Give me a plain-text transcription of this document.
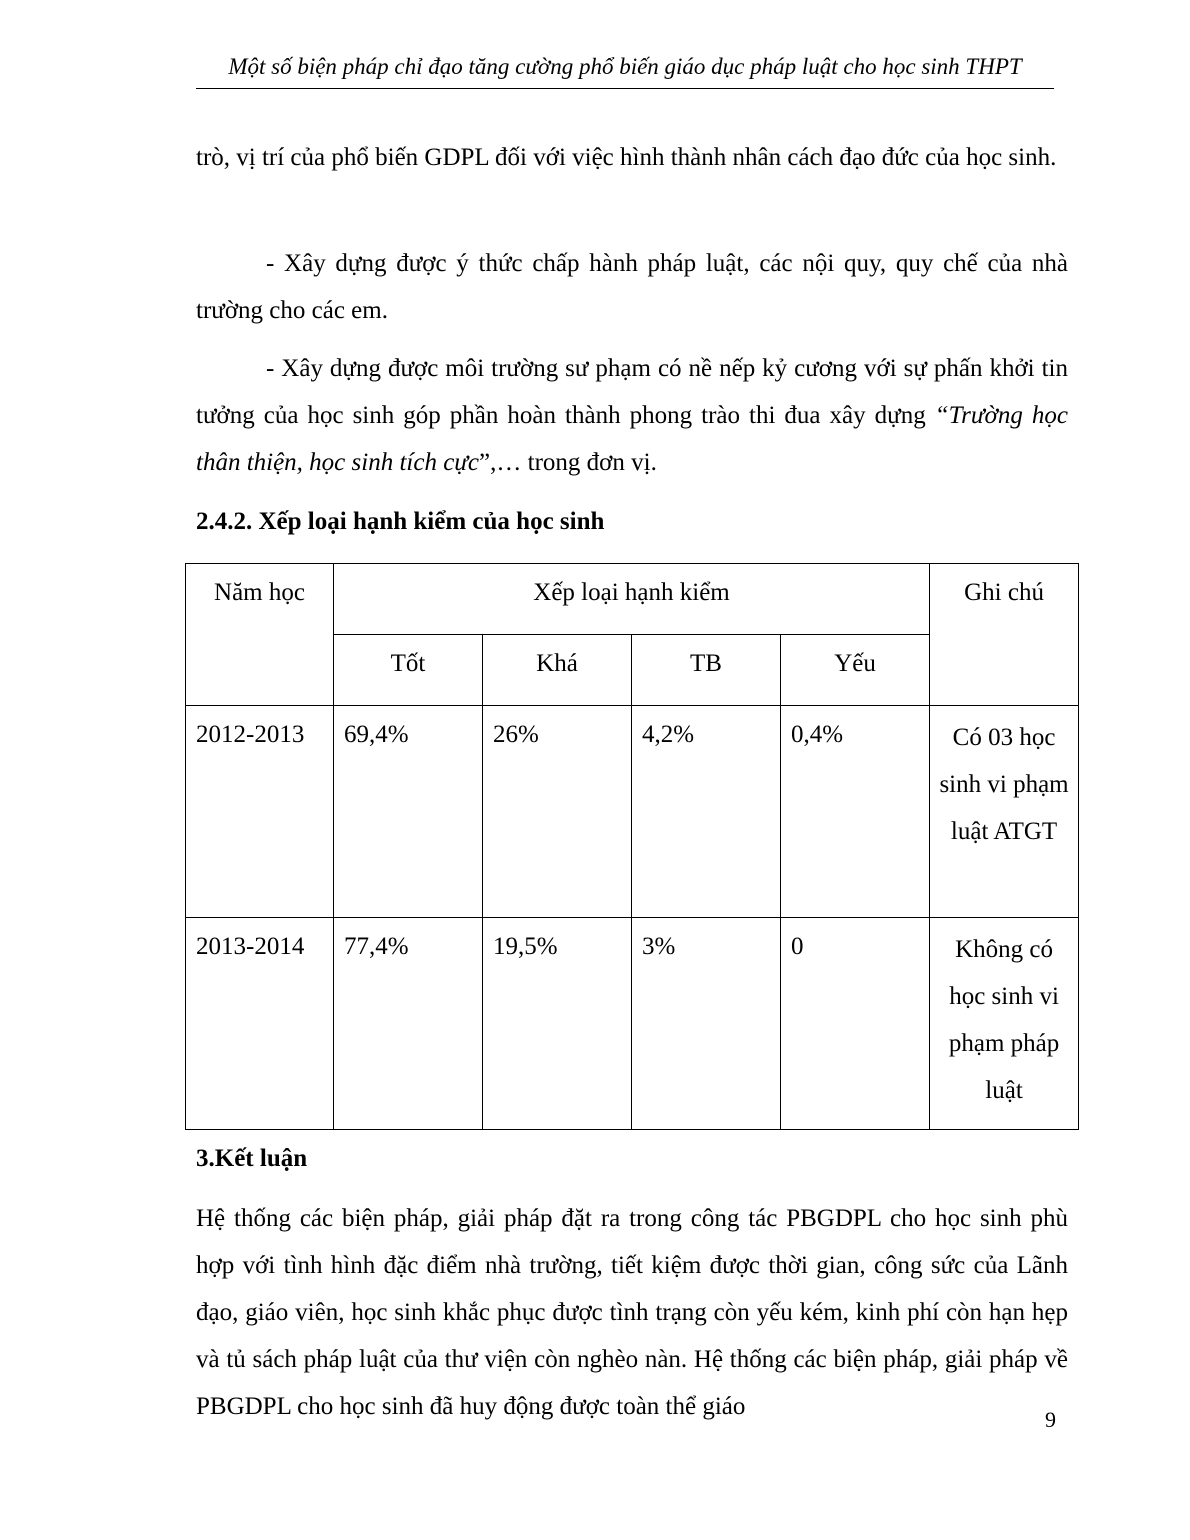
Một số biện pháp chỉ đạo tăng cường phổ biến giáo dục pháp luật cho học sinh THPT

trò, vị trí của phổ biến GDPL đối với việc hình thành nhân cách đạo đức của học sinh.

- Xây dựng được ý thức chấp hành pháp luật, các nội quy, quy chế của nhà trường cho các em.

- Xây dựng được môi trường sư phạm có nề nếp kỷ cương với sự phấn khởi tin tưởng của học sinh góp phần hoàn thành phong trào thi đua xây dựng “Trường học thân thiện, học sinh tích cực”,… trong đơn vị.

2.4.2. Xếp loại hạnh kiểm của học sinh
Năm học	Xếp loại hạnh kiểm				Ghi chú
	Tốt	Khá	TB	Yếu	
2012-2013	69,4%	26%	4,2%	0,4%	Có 03 học sinh vi phạm luật ATGT
2013-2014	77,4%	19,5%	3%	0	Không có học sinh vi phạm pháp luật
3.Kết luận

Hệ thống các biện pháp, giải pháp đặt ra trong công tác PBGDPL cho học sinh phù hợp với tình hình đặc điểm nhà trường, tiết kiệm được thời gian, công sức của Lãnh đạo, giáo viên, học sinh khắc phục được tình trạng còn yếu kém, kinh phí còn hạn hẹp và tủ sách pháp luật của thư viện còn nghèo nàn. Hệ thống các biện pháp, giải pháp về PBGDPL cho học sinh đã huy động được toàn thể giáo	9
